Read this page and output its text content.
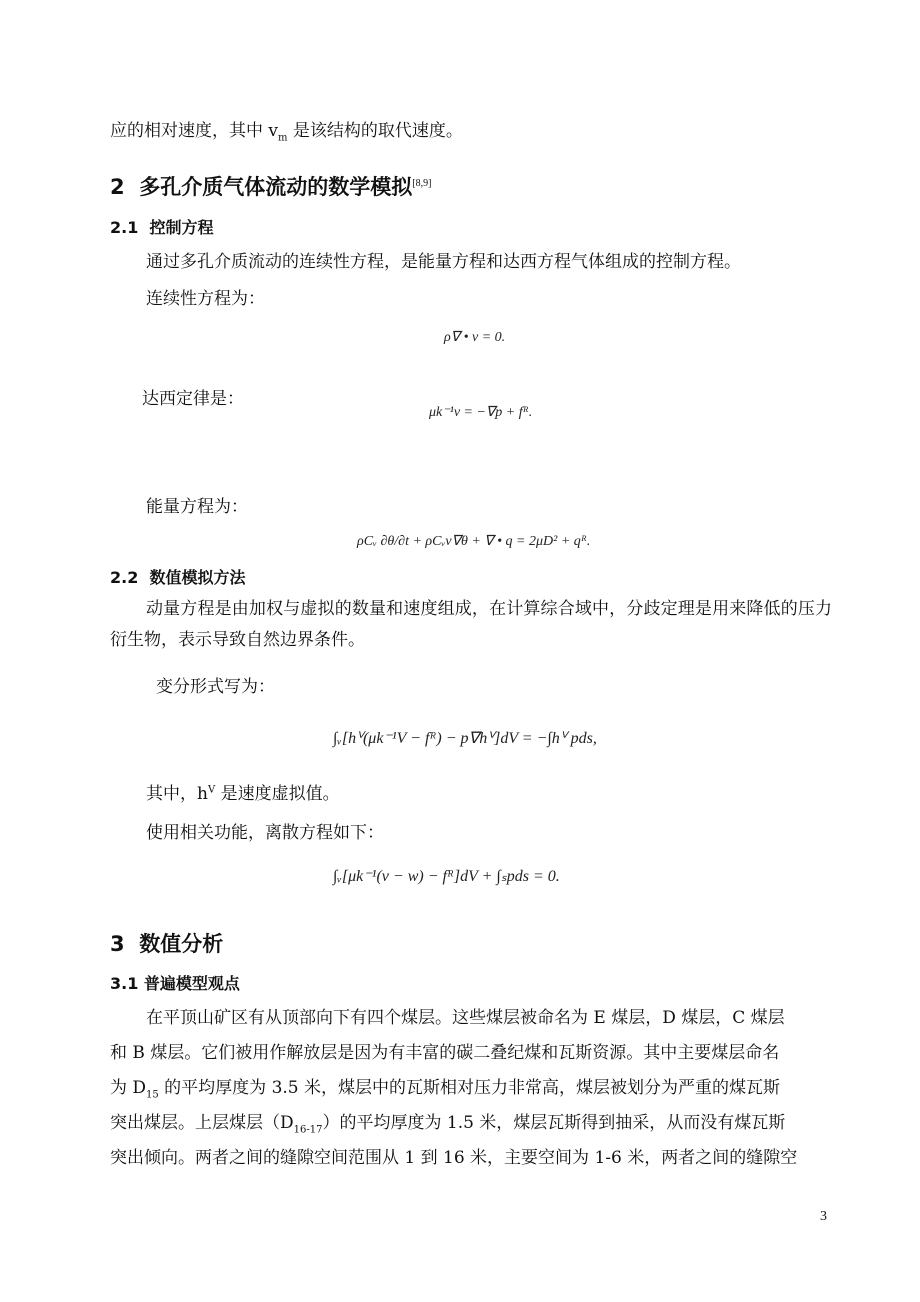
应的相对速度，其中 $v_m$ 是该结构的取代速度。
2 多孔介质气体流动的数学模拟[8,9]
2.1 控制方程
通过多孔介质流动的连续性方程，是能量方程和达西方程气体组成的控制方程。
连续性方程为：
ρ∇ • v = 0.
达西定律是：
μk⁻¹v = −∇p + fᴿ.
能量方程为：
ρCᵥ ∂θ/∂t + ρCᵥv∇θ + ∇ • q = 2μD² + qᴿ.
2.2 数值模拟方法
动量方程是由加权与虚拟的数量和速度组成，在计算综合域中，分歧定理是用来降低的压力衍生物，表示导致自然边界条件。
变分形式写为：
∫ᵥ[hⱽ(μk⁻¹V − fᴿ) − p∇hⱽ]dV = −∫hⱽ pds,
其中，$h^V$ 是速度虚拟值。
使用相关功能，离散方程如下：
∫ᵥ[μk⁻¹(v − w) − fᴿ]dV + ∫ₛpds = 0.
3 数值分析
3.1 普遍模型观点
在平顶山矿区有从顶部向下有四个煤层。这些煤层被命名为 E 煤层，D 煤层，C 煤层
和 B 煤层。它们被用作解放层是因为有丰富的碳二叠纪煤和瓦斯资源。其中主要煤层命名
为 $D_{15}$ 的平均厚度为 3.5 米，煤层中的瓦斯相对压力非常高，煤层被划分为严重的煤瓦斯
突出煤层。上层煤层$(D_{16-17})$的平均厚度为 1.5 米，煤层瓦斯得到抽采，从而没有煤瓦斯
突出倾向。两者之间的缝隙空间范围从 1 到 16 米，主要空间为 1-6 米，两者之间的缝隙空
3
